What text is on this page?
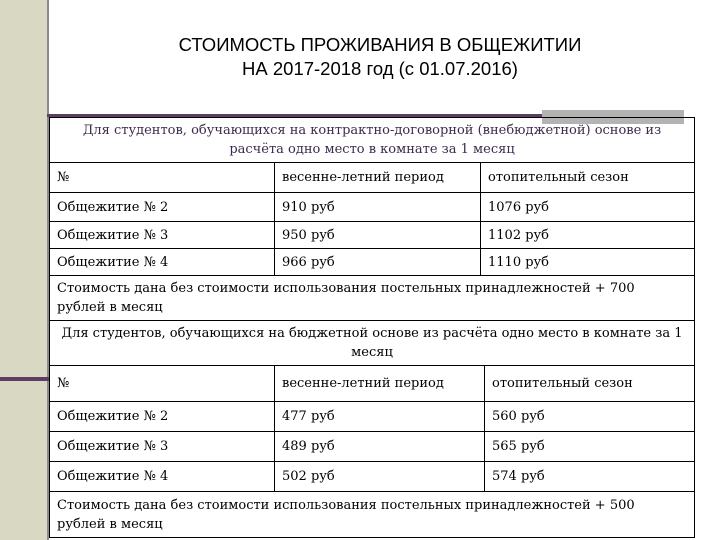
СТОИМОСТЬ ПРОЖИВАНИЯ В ОБЩЕЖИТИИ
НА 2017-2018 год (с 01.07.2016)
Для студентов, обучающихся на контрактно-договорной (внебюджетной) основе из расчёта одно место в комнате за 1 месяц		
№	весенне-летний период	отопительный сезон
Общежитие № 2	910 руб	1076 руб
Общежитие № 3	950 руб	1102 руб
Общежитие № 4	966 руб	1110 руб
Стоимость дана без стоимости использования постельных принадлежностей + 700 рублей в месяц		
Для студентов, обучающихся на бюджетной основе из расчёта одно место в комнате за 1 месяц		
№	весенне-летний период	отопительный сезон
Общежитие № 2	477 руб	560 руб
Общежитие № 3	489 руб	565 руб
Общежитие № 4	502 руб	574 руб
Стоимость дана без стоимости использования постельных принадлежностей + 500 рублей в месяц		
